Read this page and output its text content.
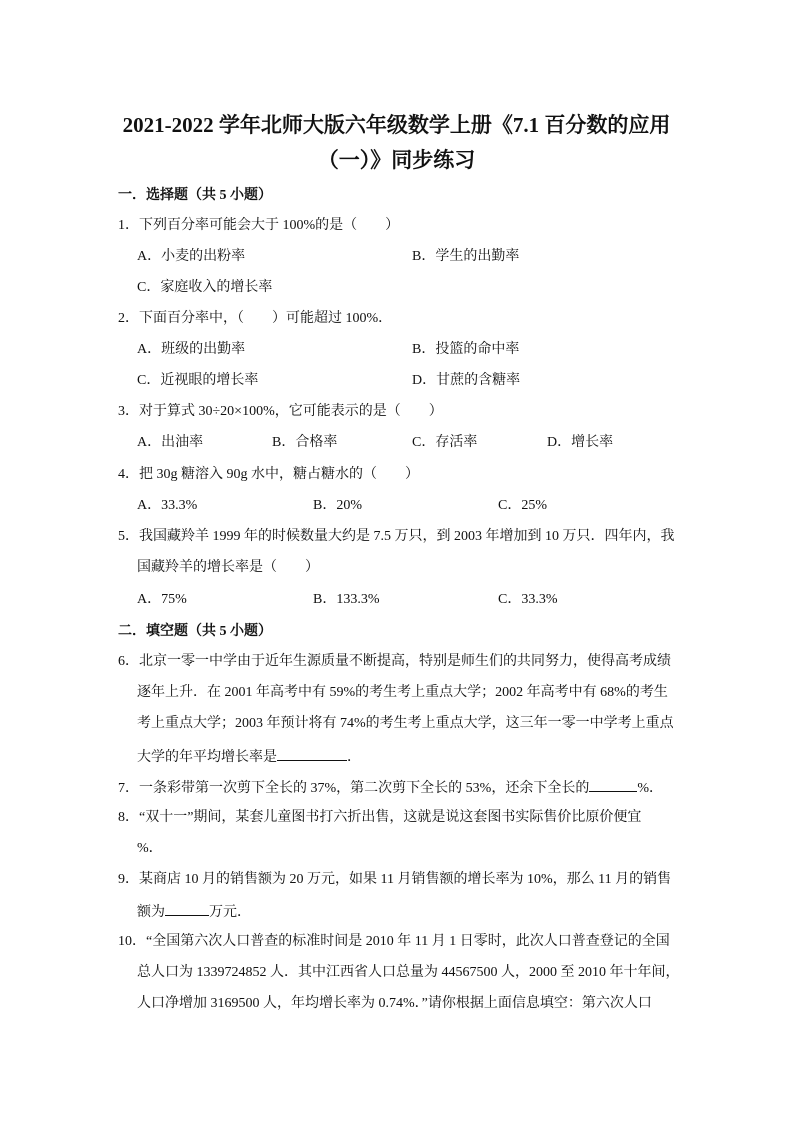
2021-2022 学年北师大版六年级数学上册《7.1 百分数的应用
（一）》同步练习
一．选择题（共 5 小题）
1．下列百分率可能会大于 100%的是（　　）
A．小麦的出粉率	B．学生的出勤率
C．家庭收入的增长率
2．下面百分率中，（　　）可能超过 100%．
A．班级的出勤率	B．投篮的命中率
C．近视眼的增长率	D．甘蔗的含糖率
3．对于算式 30÷20×100%，它可能表示的是（　　）
A．出油率	B．合格率	C．存活率	D．增长率
4．把 30g 糖溶入 90g 水中，糖占糖水的（　　）
A．33.3%	B．20%	C．25%
5．我国藏羚羊 1999 年的时候数量大约是 7.5 万只，到 2003 年增加到 10 万只．四年内，我
国藏羚羊的增长率是（　　）
A．75%	B．133.3%	C．33.3%
二．填空题（共 5 小题）
6．北京一零一中学由于近年生源质量不断提高，特别是师生们的共同努力，使得高考成绩
逐年上升．在 2001 年高考中有 59%的考生考上重点大学；2002 年高考中有 68%的考生
考上重点大学；2003 年预计将有 74%的考生考上重点大学，这三年一零一中学考上重点
大学的年平均增长率是	．
7．一条彩带第一次剪下全长的 37%，第二次剪下全长的 53%，还余下全长的	%．
8．“双十一”期间，某套儿童图书打六折出售，这就是说这套图书实际售价比原价便宜
%．
9．某商店 10 月的销售额为 20 万元，如果 11 月销售额的增长率为 10%，那么 11 月的销售
额为	万元．
10．“全国第六次人口普查的标准时间是 2010 年 11 月 1 日零时，此次人口普查登记的全国
总人口为 1339724852 人．其中江西省人口总量为 44567500 人，2000 至 2010 年十年间，
人口净增加 3169500 人，年均增长率为 0.74%．”请你根据上面信息填空：第六次人口
